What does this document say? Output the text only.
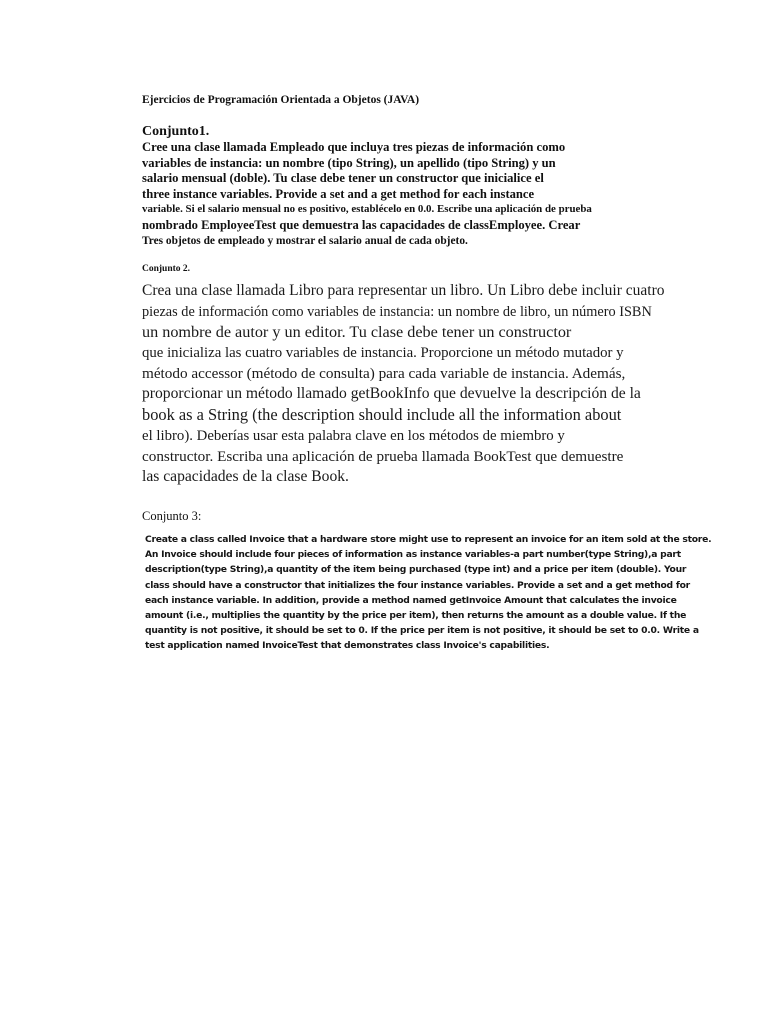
Ejercicios de Programación Orientada a Objetos (JAVA)
Conjunto1.
Cree una clase llamada Empleado que incluya tres piezas de información como
variables de instancia: un nombre (tipo String), un apellido (tipo String) y un
salario mensual (doble). Tu clase debe tener un constructor que inicialice el
three instance variables. Provide a set and a get method for each instance
variable. Si el salario mensual no es positivo, establécelo en 0.0. Escribe una aplicación de prueba
nombrado EmployeeTest que demuestra las capacidades de classEmployee. Crear
Tres objetos de empleado y mostrar el salario anual de cada objeto.
Conjunto 2.
Crea una clase llamada Libro para representar un libro. Un Libro debe incluir cuatro
piezas de información como variables de instancia: un nombre de libro, un número ISBN
un nombre de autor y un editor. Tu clase debe tener un constructor
que inicializa las cuatro variables de instancia. Proporcione un método mutador y
método accessor (método de consulta) para cada variable de instancia. Además,
proporcionar un método llamado getBookInfo que devuelve la descripción de la
book as a String (the description should include all the information about
el libro). Deberías usar esta palabra clave en los métodos de miembro y
constructor. Escriba una aplicación de prueba llamada BookTest que demuestre
las capacidades de la clase Book.
Conjunto 3:
Create a class called Invoice that a hardware store might use to represent an invoice for an item sold at the store.
An Invoice should include four pieces of information as instance variables-a part number(type String),a part
description(type String),a quantity of the item being purchased (type int) and a price per item (double). Your
class should have a constructor that initializes the four instance variables. Provide a set and a get method for
each instance variable. In addition, provide a method named getInvoice Amount that calculates the invoice
amount (i.e., multiplies the quantity by the price per item), then returns the amount as a double value. If the
quantity is not positive, it should be set to 0. If the price per item is not positive, it should be set to 0.0. Write a
test application named InvoiceTest that demonstrates class Invoice's capabilities.
